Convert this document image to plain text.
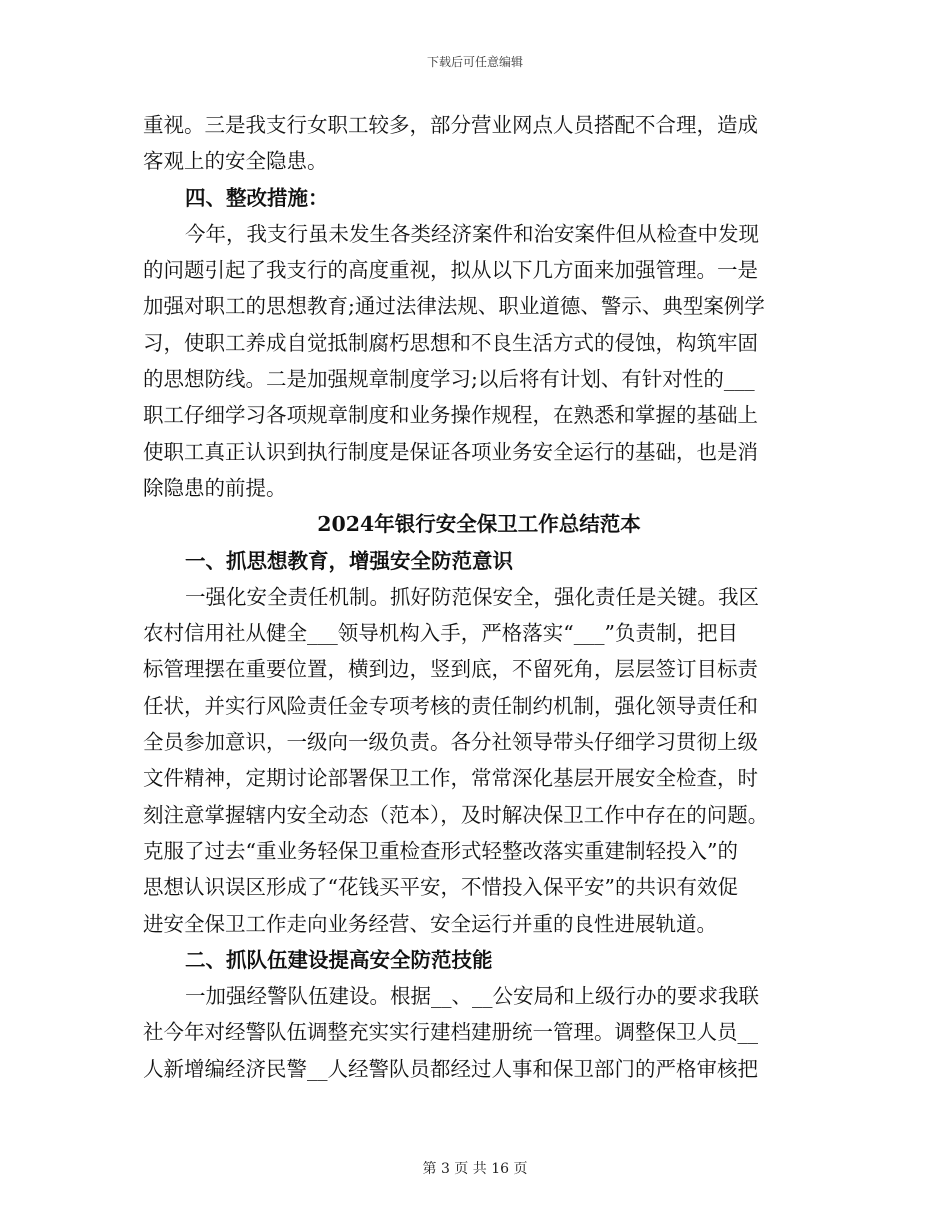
下载后可任意编辑
重视。三是我支行女职工较多，部分营业网点人员搭配不合理，造成
客观上的安全隐患。
四、整改措施：
今年，我支行虽未发生各类经济案件和治安案件但从检查中发现
的问题引起了我支行的高度重视，拟从以下几方面来加强管理。一是
加强对职工的思想教育;通过法律法规、职业道德、警示、典型案例学
习，使职工养成自觉抵制腐朽思想和不良生活方式的侵蚀，构筑牢固
的思想防线。二是加强规章制度学习;以后将有计划、有针对性的___
职工仔细学习各项规章制度和业务操作规程，在熟悉和掌握的基础上
使职工真正认识到执行制度是保证各项业务安全运行的基础，也是消
除隐患的前提。
2024年银行安全保卫工作总结范本
一、抓思想教育，增强安全防范意识
一强化安全责任机制。抓好防范保安全，强化责任是关键。我区
农村信用社从健全___领导机构入手，严格落实“___”负责制，把目
标管理摆在重要位置，横到边，竖到底，不留死角，层层签订目标责
任状，并实行风险责任金专项考核的责任制约机制，强化领导责任和
全员参加意识，一级向一级负责。各分社领导带头仔细学习贯彻上级
文件精神，定期讨论部署保卫工作，常常深化基层开展安全检查，时
刻注意掌握辖内安全动态（范本），及时解决保卫工作中存在的问题。
克服了过去“重业务轻保卫重检查形式轻整改落实重建制轻投入”的
思想认识误区形成了“花钱买平安，不惜投入保平安”的共识有效促
进安全保卫工作走向业务经营、安全运行并重的良性进展轨道。
二、抓队伍建设提高安全防范技能
一加强经警队伍建设。根据__、__公安局和上级行办的要求我联
社今年对经警队伍调整充实实行建档建册统一管理。调整保卫人员__
人新增编经济民警__人经警队员都经过人事和保卫部门的严格审核把
第 3 页 共 16 页
